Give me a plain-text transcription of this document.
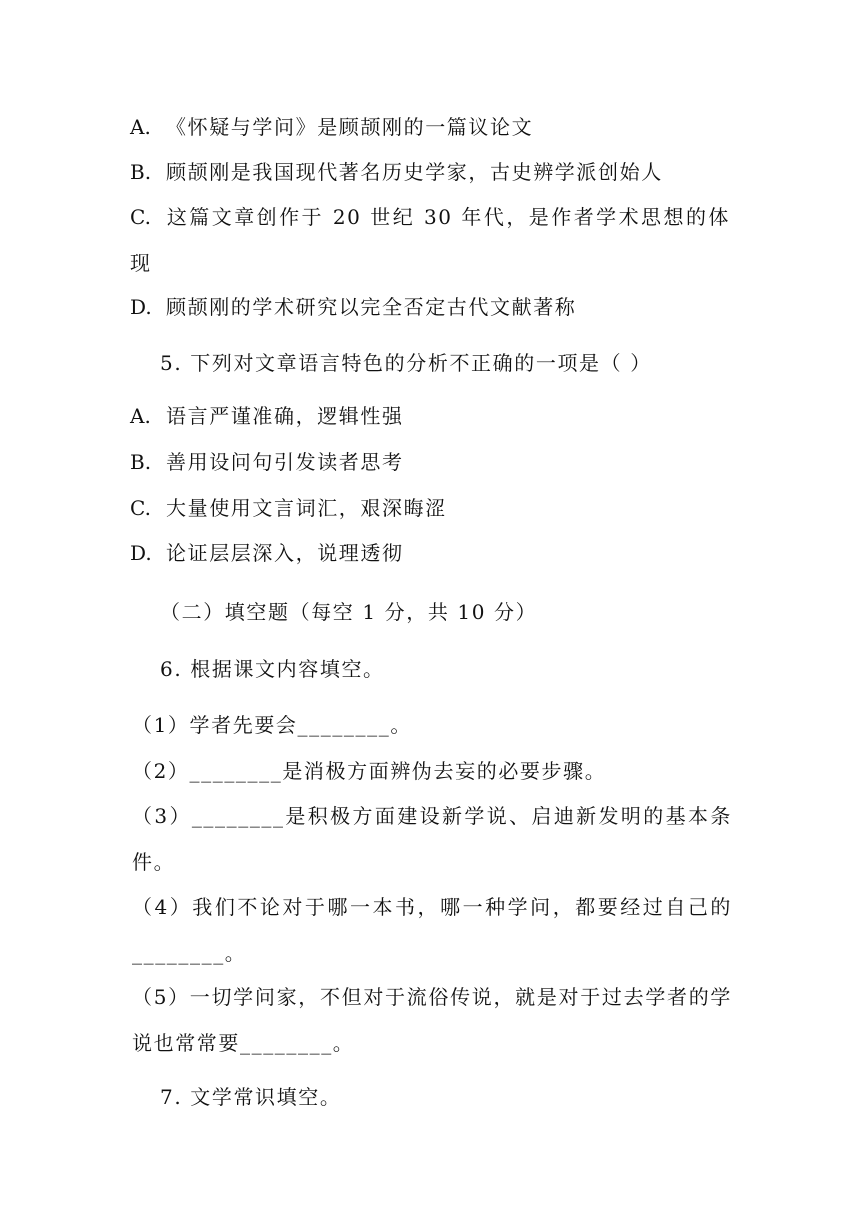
A. 《怀疑与学问》是顾颉刚的一篇议论文
B. 顾颉刚是我国现代著名历史学家，古史辨学派创始人
C. 这篇文章创作于 20 世纪 30 年代，是作者学术思想的体现
D. 顾颉刚的学术研究以完全否定古代文献著称
5. 下列对文章语言特色的分析不正确的一项是（ ）
A. 语言严谨准确，逻辑性强
B. 善用设问句引发读者思考
C. 大量使用文言词汇，艰深晦涩
D. 论证层层深入，说理透彻
（二）填空题（每空 1 分，共 10 分）
6. 根据课文内容填空。
（1）学者先要会________。
（2）________是消极方面辨伪去妄的必要步骤。
（3）________是积极方面建设新学说、启迪新发明的基本条件。
（4）我们不论对于哪一本书，哪一种学问，都要经过自己的________。
（5）一切学问家，不但对于流俗传说，就是对于过去学者的学说也常常要________。
7. 文学常识填空。
